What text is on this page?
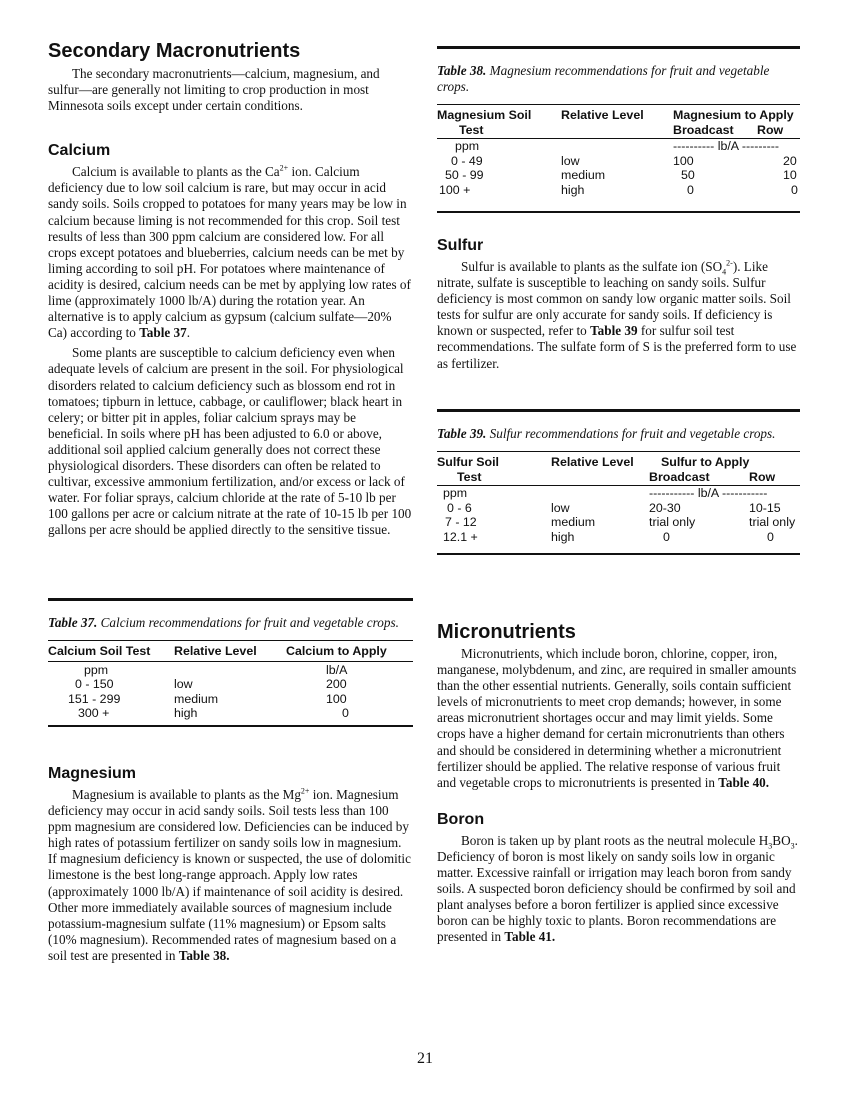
Secondary Macronutrients

The secondary macronutrients—calcium, magnesium, and sulfur—are generally not limiting to crop production in most Minnesota soils except under certain conditions.

Calcium

Calcium is available to plants as the $Ca^{2+}$ ion. Calcium deficiency due to low soil calcium is rare, but may occur in acid sandy soils. Soils cropped to potatoes for many years may be low in calcium because liming is not recommended for this crop. Soil test results of less than 300 ppm calcium are considered low. For all crops except potatoes and blueberries, calcium needs can be met by liming according to soil pH. For potatoes where maintenance of acidity is desired, calcium needs can be met by applying low rates of lime (approximately 1000 lb/A) during the rotation year. An alternative is to apply calcium as gypsum (calcium sulfate—20% Ca) according to Table 37.

Some plants are susceptible to calcium deficiency even when adequate levels of calcium are present in the soil. For physiological disorders related to calcium deficiency such as blossom end rot in tomatoes; tipburn in lettuce, cabbage, or cauliflower; black heart in celery; or bitter pit in apples, foliar calcium sprays may be beneficial. In soils where pH has been adjusted to 6.0 or above, additional soil applied calcium generally does not correct these physiological disorders. These disorders can often be related to cultivar, excessive ammonium fertilization, and/or excess or lack of water. For foliar sprays, calcium chloride at the rate of 5-10 lb per 100 gallons per acre or calcium nitrate at the rate of 10-15 lb per 100 gallons per acre should be applied directly to the sensitive tissue.

Table 37. Calcium recommendations for fruit and vegetable crops.

Calcium Soil Test	Relative Level	Calcium to Apply
ppm		lb/A
0 - 150	low	200
151 - 299	medium	100
300 +	high	0
Magnesium

Magnesium is available to plants as the $Mg^{2+}$ ion. Magnesium deficiency may occur in acid sandy soils. Soil tests less than 100 ppm magnesium are considered low. Deficiencies can be induced by high rates of potassium fertilizer on sandy soils low in magnesium. If magnesium deficiency is known or suspected, the use of dolomitic limestone is the best long-range approach. Apply low rates (approximately 1000 lb/A) if maintenance of soil acidity is desired. Other more immediately available sources of magnesium include potassium-magnesium sulfate (11% magnesium) or Epsom salts (10% magnesium). Recommended rates of magnesium based on a soil test are presented in Table 38.

Table 38. Magnesium recommendations for fruit and vegetable crops.

Magnesium Soil	Relative Level	Magnesium to Apply	
Test		Broadcast	Row
ppm		---------- lb/A ---------	
0 - 49	low	100	20
50 - 99	medium	50	10
100 +	high	0	0
Sulfur

Sulfur is available to plants as the sulfate ion $(SO_4^{2-})$. Like nitrate, sulfate is susceptible to leaching on sandy soils. Sulfur deficiency is most common on sandy low organic matter soils. Soil tests for sulfur are only accurate for sandy soils. If deficiency is known or suspected, refer to Table 39 for sulfur soil test recommendations. The sulfate form of S is the preferred form to use as fertilizer.

Table 39. Sulfur recommendations for fruit and vegetable crops.

Sulfur Soil	Relative Level	Sulfur to Apply	
Test		Broadcast	Row
ppm		----------- lb/A -----------	
0 - 6	low	20-30	10-15
7 - 12	medium	trial only	trial only
12.1 +	high	0	0
Micronutrients

Micronutrients, which include boron, chlorine, copper, iron, manganese, molybdenum, and zinc, are required in smaller amounts than the other essential nutrients. Generally, soils contain sufficient levels of micronutrients to meet crop demands; however, in some areas micronutrient shortages occur and may limit yields. Some crops have a higher demand for certain micronutrients than others and should be considered in determining whether a micronutrient fertilizer should be applied. The relative response of various fruit and vegetable crops to micronutrients is presented in Table 40.

Boron

Boron is taken up by plant roots as the neutral molecule $H_3BO_3$. Deficiency of boron is most likely on sandy soils low in organic matter. Excessive rainfall or irrigation may leach boron from sandy soils. A suspected boron deficiency should be confirmed by soil and plant analyses before a boron fertilizer is applied since excessive boron can be highly toxic to plants. Boron recommendations are presented in Table 41.

21
